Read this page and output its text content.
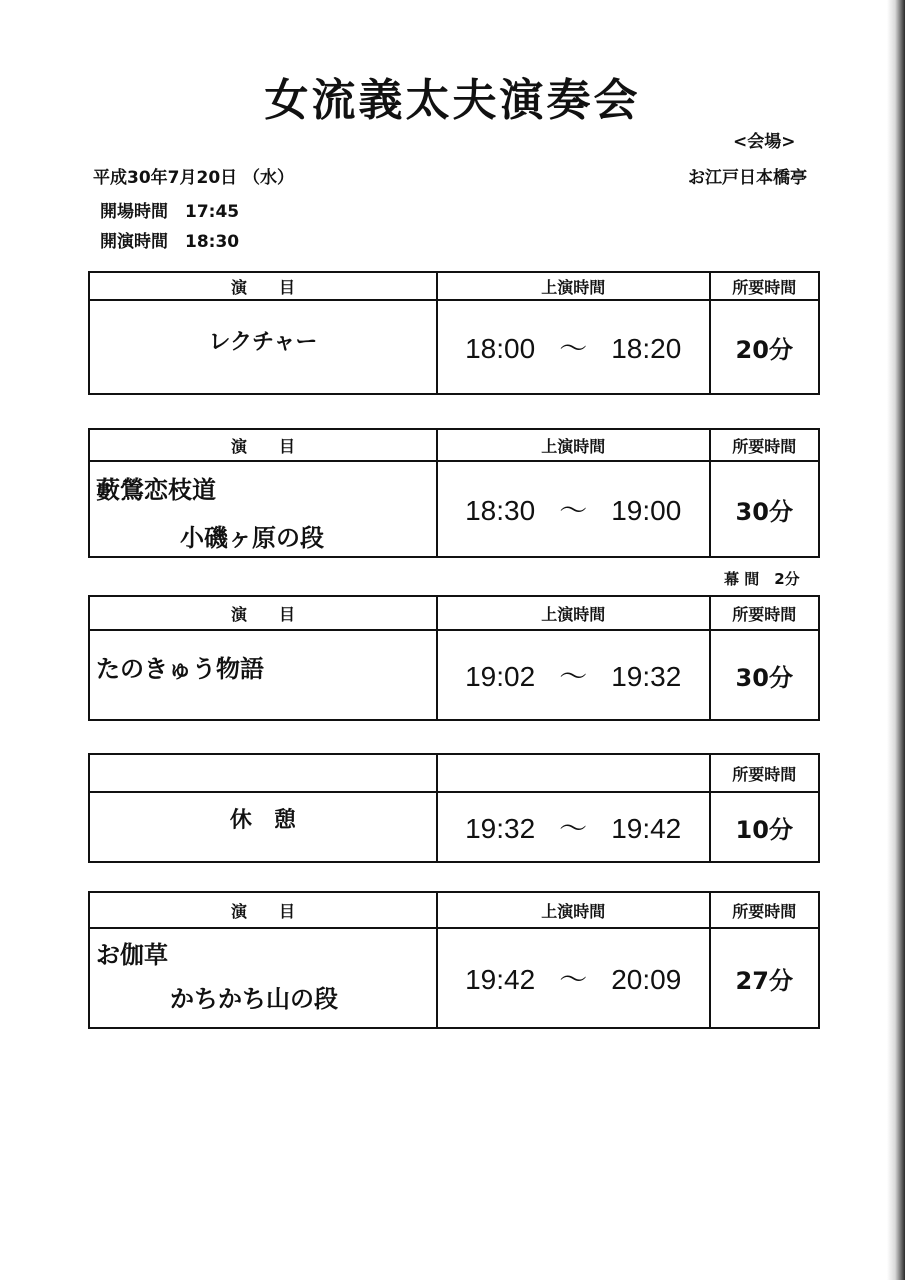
女流義太夫演奏会
<会場>
お江戸日本橋亭
平成30年7月20日 （水）
開場時間　17:45
開演時間　18:30
演　　目	上演時間	所要時間
レクチャー	18:00 ～ 18:20	20分
演　　目	上演時間	所要時間

藪鶯恋枝道
小磯ヶ原の段	18:30 ～ 19:00	30分
幕 間　2分
演　　目	上演時間	所要時間

たのきゅう物語	19:02 ～ 19:32	30分
		所要時間
休　憩	19:32 ～ 19:42	10分
演　　目	上演時間	所要時間

お伽草
かちかち山の段	19:42 ～ 20:09	27分
